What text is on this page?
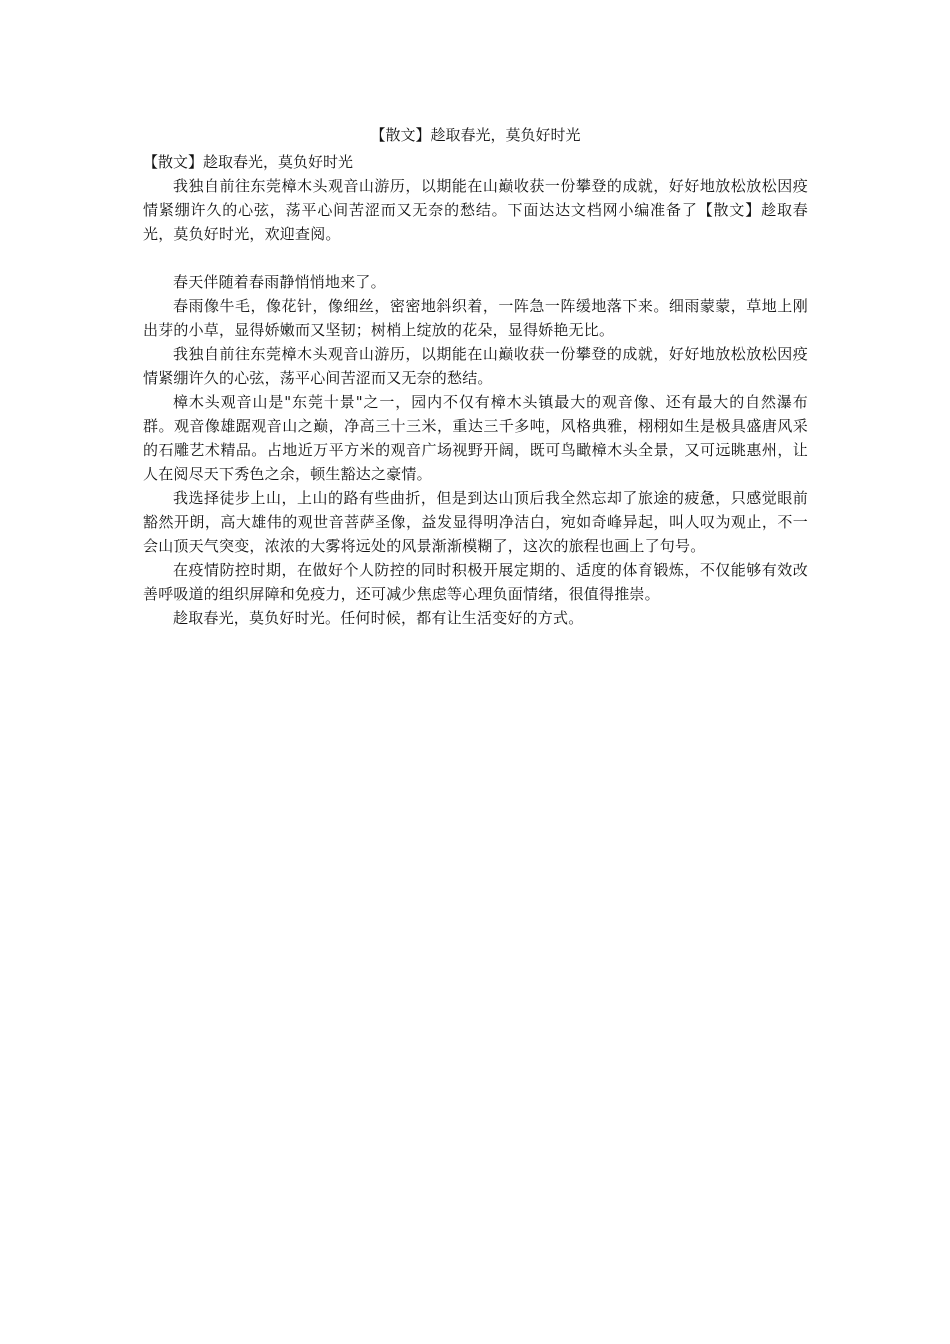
【散文】趁取春光，莫负好时光
【散文】趁取春光，莫负好时光

我独自前往东莞樟木头观音山游历，以期能在山巅收获一份攀登的成就，好好地放松放松因疫情紧绷许久的心弦，荡平心间苦涩而又无奈的愁结。下面达达文档网小编准备了【散文】趁取春光，莫负好时光，欢迎查阅。

春天伴随着春雨静悄悄地来了。

春雨像牛毛，像花针，像细丝，密密地斜织着，一阵急一阵缓地落下来。细雨蒙蒙，草地上刚出芽的小草，显得娇嫩而又坚韧；树梢上绽放的花朵，显得娇艳无比。

我独自前往东莞樟木头观音山游历，以期能在山巅收获一份攀登的成就，好好地放松放松因疫情紧绷许久的心弦，荡平心间苦涩而又无奈的愁结。

樟木头观音山是"东莞十景"之一，园内不仅有樟木头镇最大的观音像、还有最大的自然瀑布群。观音像雄踞观音山之巅，净高三十三米，重达三千多吨，风格典雅，栩栩如生是极具盛唐风采的石雕艺术精品。占地近万平方米的观音广场视野开阔，既可鸟瞰樟木头全景，又可远眺惠州，让人在阅尽天下秀色之余，顿生豁达之豪情。

我选择徒步上山，上山的路有些曲折，但是到达山顶后我全然忘却了旅途的疲惫，只感觉眼前豁然开朗，高大雄伟的观世音菩萨圣像，益发显得明净洁白，宛如奇峰异起，叫人叹为观止，不一会山顶天气突变，浓浓的大雾将远处的风景渐渐模糊了，这次的旅程也画上了句号。

在疫情防控时期，在做好个人防控的同时积极开展定期的、适度的体育锻炼，不仅能够有效改善呼吸道的组织屏障和免疫力，还可减少焦虑等心理负面情绪，很值得推崇。

趁取春光，莫负好时光。任何时候，都有让生活变好的方式。
